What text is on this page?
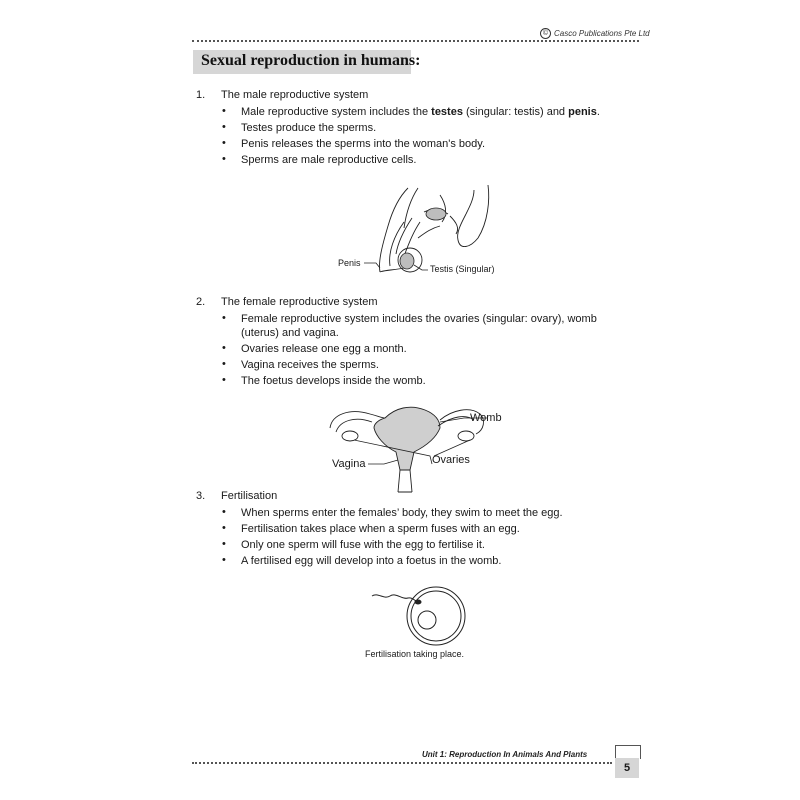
© Casco Publications Pte Ltd
Sexual reproduction in humans:
1. The male reproductive system
• Male reproductive system includes the testes (singular: testis) and penis.
• Testes produce the sperms.
• Penis releases the sperms into the woman's body.
• Sperms are male reproductive cells.
Penis
Testis (Singular)
2. The female reproductive system
• Female reproductive system includes the ovaries (singular: ovary), womb
(uterus) and vagina.
• Ovaries release one egg a month.
• Vagina receives the sperms.
• The foetus develops inside the womb.
Womb
Ovaries
Vagina
3. Fertilisation
• When sperms enter the females’ body, they swim to meet the egg.
• Fertilisation takes place when a sperm fuses with an egg.
• Only one sperm will fuse with the egg to fertilise it.
• A fertilised egg will develop into a foetus in the womb.
Fertilisation taking place.
Unit 1: Reproduction In Animals And Plants
5
